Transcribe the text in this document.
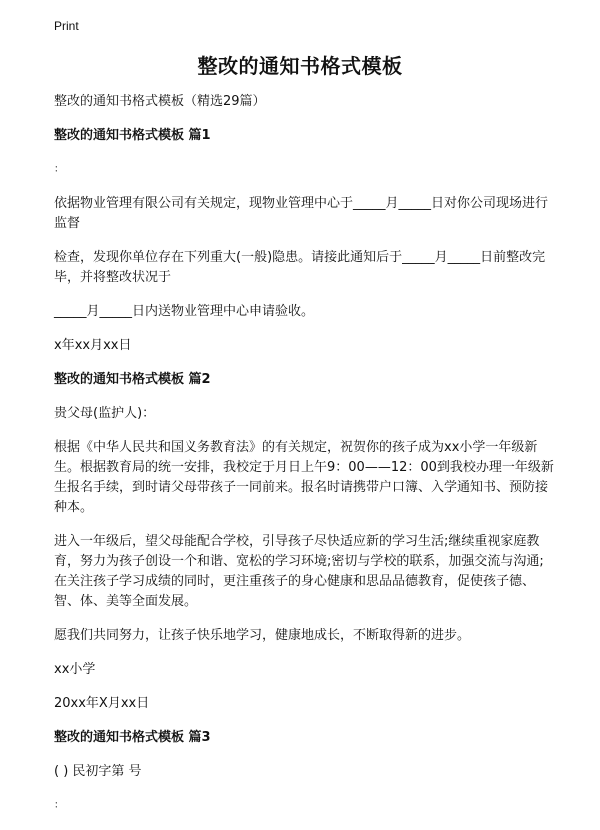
Print
整改的通知书格式模板

整改的通知书格式模板（精选29篇）

整改的通知书格式模板 篇1

：

依据物业管理有限公司有关规定，现物业管理中心于_____月_____日对你公司现场进行监督

检查，发现你单位存在下列重大(一般)隐患。请接此通知后于_____月_____日前整改完毕，并将整改状况于

_____月_____日内送物业管理中心申请验收。

x年xx月xx日

整改的通知书格式模板 篇2

贵父母(监护人)：

根据《中华人民共和国义务教育法》的有关规定，祝贺你的孩子成为xx小学一年级新生。根据教育局的统一安排，我校定于月日上午9：00——12：00到我校办理一年级新生报名手续，到时请父母带孩子一同前来。报名时请携带户口簿、入学通知书、预防接种本。

进入一年级后，望父母能配合学校，引导孩子尽快适应新的学习生活;继续重视家庭教育，努力为孩子创设一个和谐、宽松的学习环境;密切与学校的联系，加强交流与沟通;在关注孩子学习成绩的同时，更注重孩子的身心健康和思品品德教育，促使孩子德、智、体、美等全面发展。

愿我们共同努力，让孩子快乐地学习，健康地成长，不断取得新的进步。

xx小学

20xx年X月xx日

整改的通知书格式模板 篇3

( ) 民初字第 号

：
